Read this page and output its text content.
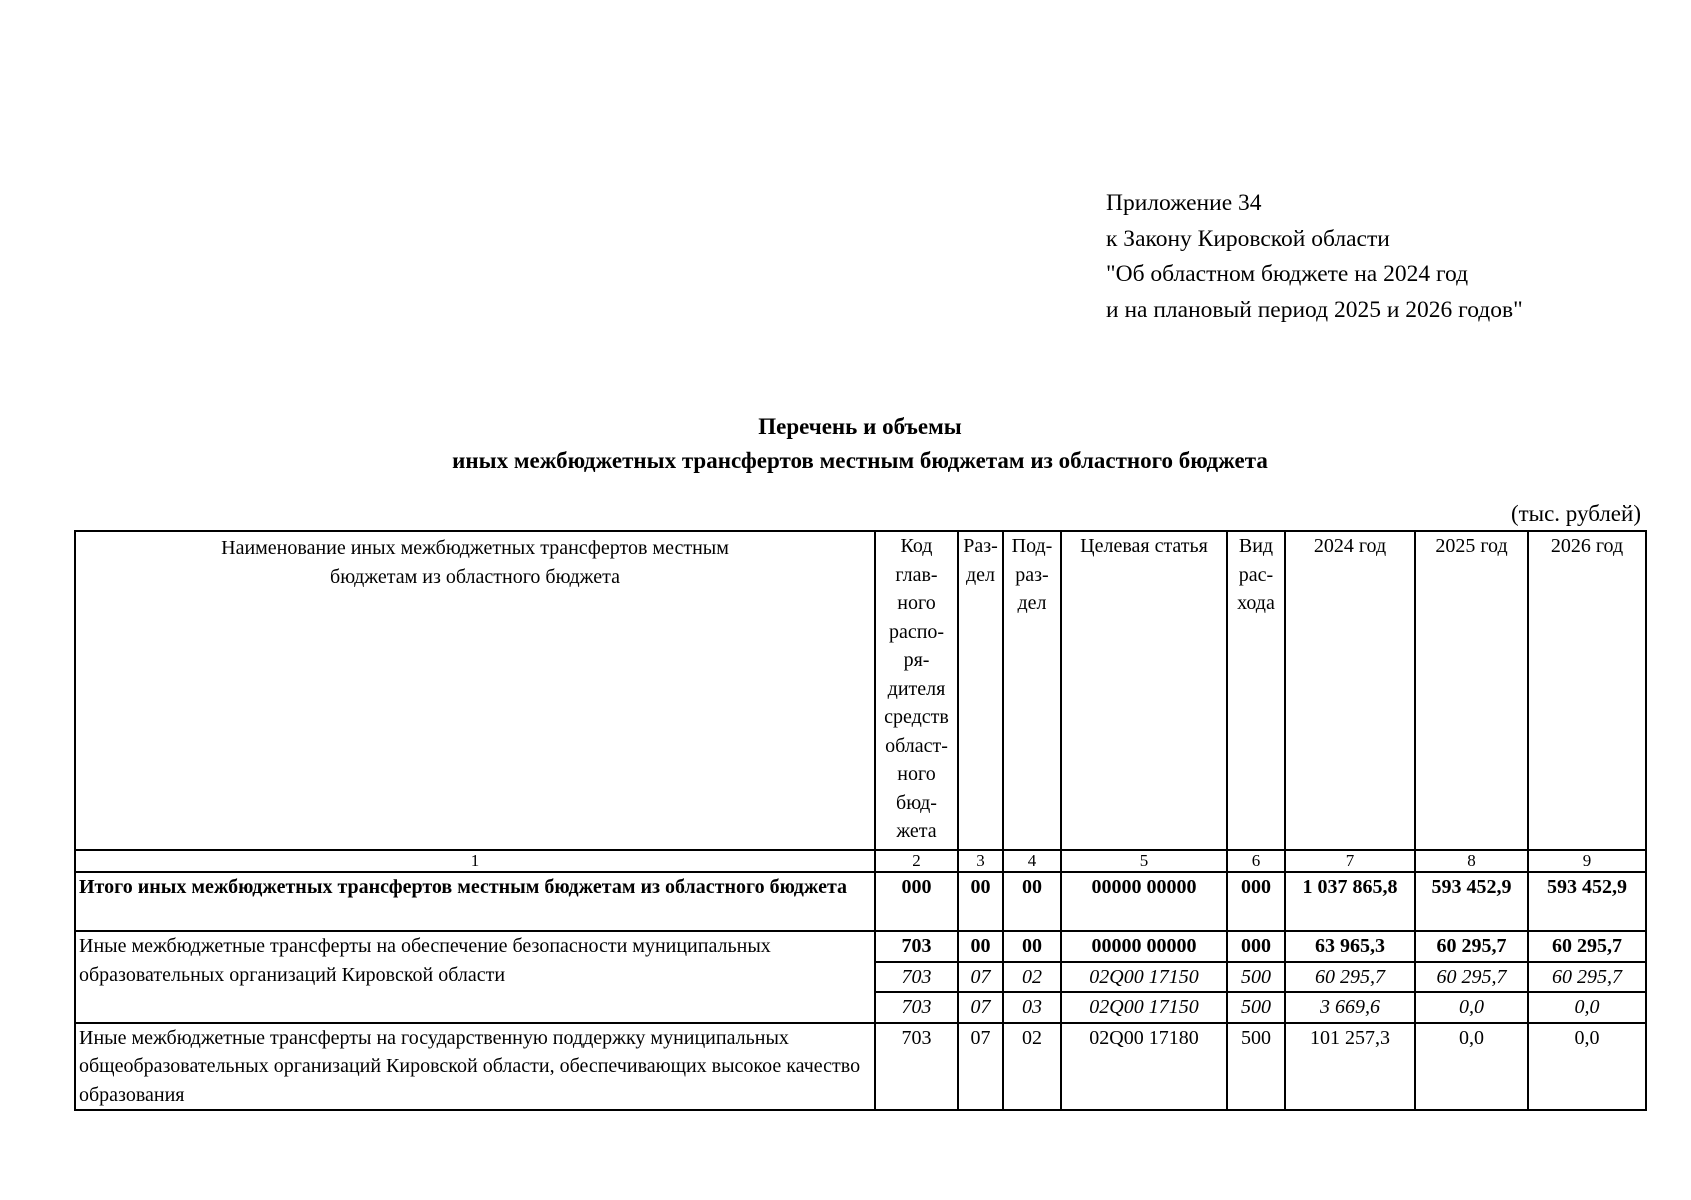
Приложение 34
к Закону Кировской области
"Об областном бюджете на 2024 год
и на плановый период 2025 и 2026 годов"
Перечень и объемы
иных межбюджетных трансфертов местным бюджетам из областного бюджета
(тыс. рублей)
Наименование иных межбюджетных трансфертов местным бюджетам из областного бюджета	Код глав- ного распо- ря- дителя средств област- ного бюд- жета	Раз- дел	Под- раз- дел	Целевая статья	Вид рас- хода	2024 год	2025 год	2026 год
1	2	3	4	5	6	7	8	9
Итого иных межбюджетных трансфертов местным бюджетам из областного бюджета	000	00	00	00000 00000	000	1 037 865,8	593 452,9	593 452,9
Иные межбюджетные трансферты на обеспечение безопасности муниципальных образовательных организаций Кировской области	703	00	00	00000 00000	000	63 965,3	60 295,7	60 295,7
	703	07	02	02Q00 17150	500	60 295,7	60 295,7	60 295,7
	703	07	03	02Q00 17150	500	3 669,6	0,0	0,0
Иные межбюджетные трансферты на государственную поддержку муниципальных общеобразовательных организаций Кировской области, обеспечивающих высокое качество образования	703	07	02	02Q00 17180	500	101 257,3	0,0	0,0
